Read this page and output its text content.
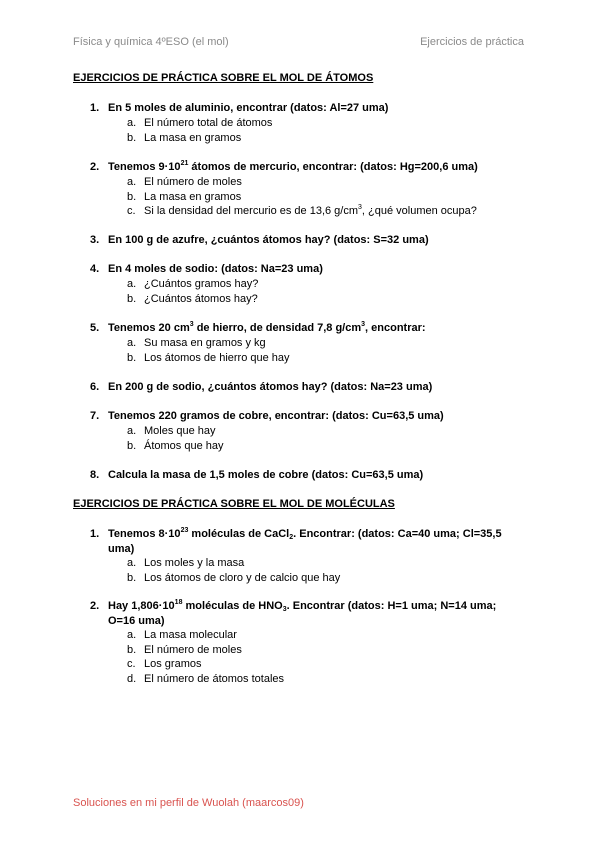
Física y química 4ºESO (el mol)	Ejercicios de práctica
EJERCICIOS DE PRÁCTICA SOBRE EL MOL DE ÁTOMOS
1. En 5 moles de aluminio, encontrar (datos: Al=27 uma)
a. El número total de átomos
b. La masa en gramos
2. Tenemos $9\cdot 10^{21}$ átomos de mercurio, encontrar: (datos: Hg=200,6 uma)
a. El número de moles
b. La masa en gramos
c. Si la densidad del mercurio es de 13,6 $g/cm^3$, ¿qué volumen ocupa?
3. En 100 g de azufre, ¿cuántos átomos hay? (datos: S=32 uma)
4. En 4 moles de sodio: (datos: Na=23 uma)
a. ¿Cuántos gramos hay?
b. ¿Cuántos átomos hay?
5. Tenemos 20 $cm^3$ de hierro, de densidad 7,8 $g/cm^3$, encontrar:
a. Su masa en gramos y kg
b. Los átomos de hierro que hay
6. En 200 g de sodio, ¿cuántos átomos hay? (datos: Na=23 uma)
7. Tenemos 220 gramos de cobre, encontrar: (datos: Cu=63,5 uma)
a. Moles que hay
b. Átomos que hay
8. Calcula la masa de 1,5 moles de cobre (datos: Cu=63,5 uma)
EJERCICIOS DE PRÁCTICA SOBRE EL MOL DE MOLÉCULAS
1. Tenemos $8\cdot 10^{23}$ moléculas de CaCl$_2$. Encontrar: (datos: Ca=40 uma; Cl=35,5 uma)
a. Los moles y la masa
b. Los átomos de cloro y de calcio que hay
2. Hay $1,806\cdot 10^{18}$ moléculas de $HNO_3$. Encontrar (datos: H=1 uma; N=14 uma; O=16 uma)
a. La masa molecular
b. El número de moles
c. Los gramos
d. El número de átomos totales
Soluciones en mi perfil de Wuolah (maarcos09)
